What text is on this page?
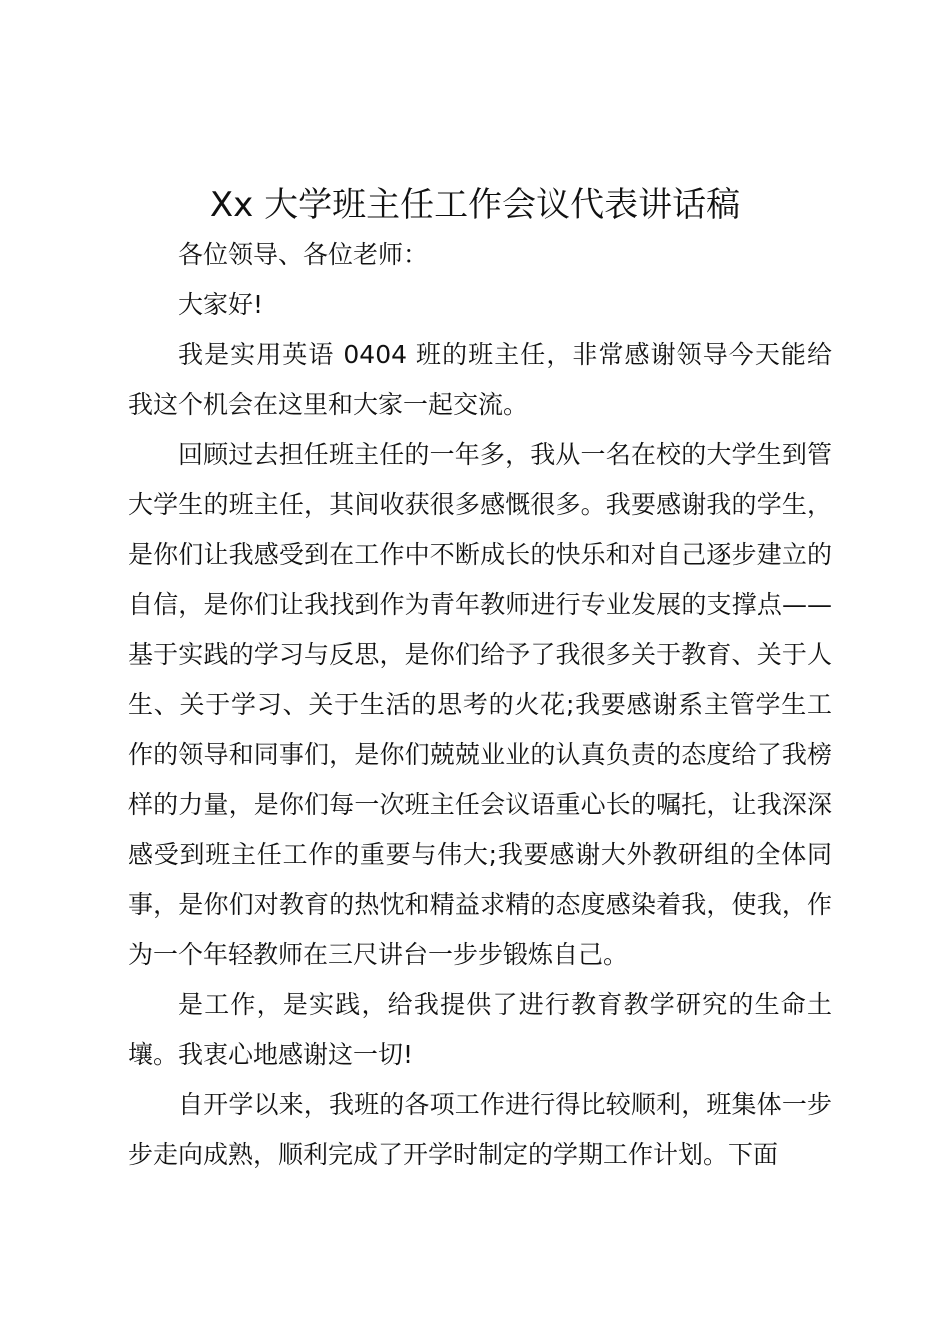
Xx 大学班主任工作会议代表讲话稿

各位领导、各位老师：

大家好!

我是实用英语 0404 班的班主任，非常感谢领导今天能给我这个机会在这里和大家一起交流。

回顾过去担任班主任的一年多，我从一名在校的大学生到管大学生的班主任，其间收获很多感慨很多。我要感谢我的学生，是你们让我感受到在工作中不断成长的快乐和对自己逐步建立的自信，是你们让我找到作为青年教师进行专业发展的支撑点——基于实践的学习与反思，是你们给予了我很多关于教育、关于人生、关于学习、关于生活的思考的火花;我要感谢系主管学生工作的领导和同事们，是你们兢兢业业的认真负责的态度给了我榜样的力量，是你们每一次班主任会议语重心长的嘱托，让我深深感受到班主任工作的重要与伟大;我要感谢大外教研组的全体同事，是你们对教育的热忱和精益求精的态度感染着我，使我，作为一个年轻教师在三尺讲台一步步锻炼自己。

是工作，是实践，给我提供了进行教育教学研究的生命土壤。我衷心地感谢这一切!

自开学以来，我班的各项工作进行得比较顺利，班集体一步步走向成熟，顺利完成了开学时制定的学期工作计划。下面
